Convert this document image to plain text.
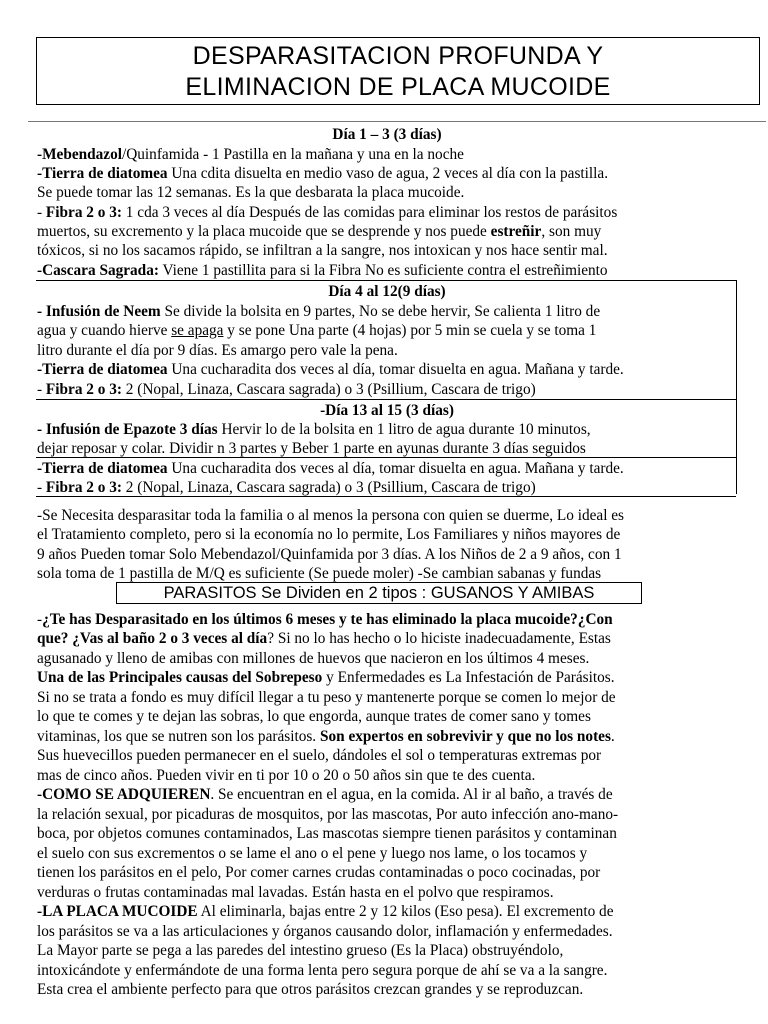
DESPARASITACION PROFUNDA Y
ELIMINACION DE PLACA MUCOIDE
Día 1 – 3 (3 días)
-Mebendazol/Quinfamida - 1 Pastilla en la mañana y una en la noche
-Tierra de diatomea Una cdita disuelta en medio vaso de agua, 2 veces al día con la pastilla.
Se puede tomar las 12 semanas. Es la que desbarata la placa mucoide.
- Fibra 2 o 3: 1 cda 3 veces al día Después de las comidas para eliminar los restos de parásitos
muertos, su excremento y la placa mucoide que se desprende y nos puede estreñir, son muy
tóxicos, si no los sacamos rápido, se infiltran a la sangre, nos intoxican y nos hace sentir mal.
-Cascara Sagrada: Viene 1 pastillita para si la Fibra No es suficiente contra el estreñimiento
Día 4 al 12(9 días)
- Infusión de Neem Se divide la bolsita en 9 partes, No se debe hervir, Se calienta 1 litro de
agua y cuando hierve se apaga y se pone Una parte (4 hojas) por 5 min se cuela y se toma 1
litro durante el día por 9 días. Es amargo pero vale la pena.
-Tierra de diatomea Una cucharadita dos veces al día, tomar disuelta en agua. Mañana y tarde.
- Fibra 2 o 3: 2 (Nopal, Linaza, Cascara sagrada) o 3 (Psillium, Cascara de trigo)
-Día 13 al 15 (3 días)
- Infusión de Epazote 3 días Hervir lo de la bolsita en 1 litro de agua durante 10 minutos,
dejar reposar y colar. Dividir n 3 partes y Beber 1 parte en ayunas durante 3 días seguidos
-Tierra de diatomea Una cucharadita dos veces al día, tomar disuelta en agua. Mañana y tarde.
- Fibra 2 o 3: 2 (Nopal, Linaza, Cascara sagrada) o 3 (Psillium, Cascara de trigo)
-Se Necesita desparasitar toda la familia o al menos la persona con quien se duerme, Lo ideal es
el Tratamiento completo, pero si la economía no lo permite, Los Familiares y niños mayores de
9 años Pueden tomar Solo Mebendazol/Quinfamida por 3 días. A los Niños de 2 a 9 años, con 1
sola toma de 1 pastilla de M/Q es suficiente (Se puede moler) -Se cambian sabanas y fundas
PARASITOS Se Dividen en 2 tipos : GUSANOS Y AMIBAS
-¿Te has Desparasitado en los últimos 6 meses y te has eliminado la placa mucoide?¿Con
que? ¿Vas al baño 2 o 3 veces al día? Si no lo has hecho o lo hiciste inadecuadamente, Estas
agusanado y lleno de amibas con millones de huevos que nacieron en los últimos 4 meses.
Una de las Principales causas del Sobrepeso y Enfermedades es La Infestación de Parásitos.
Si no se trata a fondo es muy difícil llegar a tu peso y mantenerte porque se comen lo mejor de
lo que te comes y te dejan las sobras, lo que engorda, aunque trates de comer sano y tomes
vitaminas, los que se nutren son los parásitos. Son expertos en sobrevivir y que no los notes.
Sus huevecillos pueden permanecer en el suelo, dándoles el sol o temperaturas extremas por
mas de cinco años. Pueden vivir en ti por 10 o 20 o 50 años sin que te des cuenta.
-COMO SE ADQUIEREN. Se encuentran en el agua, en la comida. Al ir al baño, a través de
la relación sexual, por picaduras de mosquitos, por las mascotas, Por auto infección ano-mano-
boca, por objetos comunes contaminados, Las mascotas siempre tienen parásitos y contaminan
el suelo con sus excrementos o se lame el ano o el pene y luego nos lame, o los tocamos y
tienen los parásitos en el pelo, Por comer carnes crudas contaminadas o poco cocinadas, por
verduras o frutas contaminadas mal lavadas. Están hasta en el polvo que respiramos.
-LA PLACA MUCOIDE Al eliminarla, bajas entre 2 y 12 kilos (Eso pesa). El excremento de
los parásitos se va a las articulaciones y órganos causando dolor, inflamación y enfermedades.
La Mayor parte se pega a las paredes del intestino grueso (Es la Placa) obstruyéndolo,
intoxicándote y enfermándote de una forma lenta pero segura porque de ahí se va a la sangre.
Esta crea el ambiente perfecto para que otros parásitos crezcan grandes y se reproduzcan.
